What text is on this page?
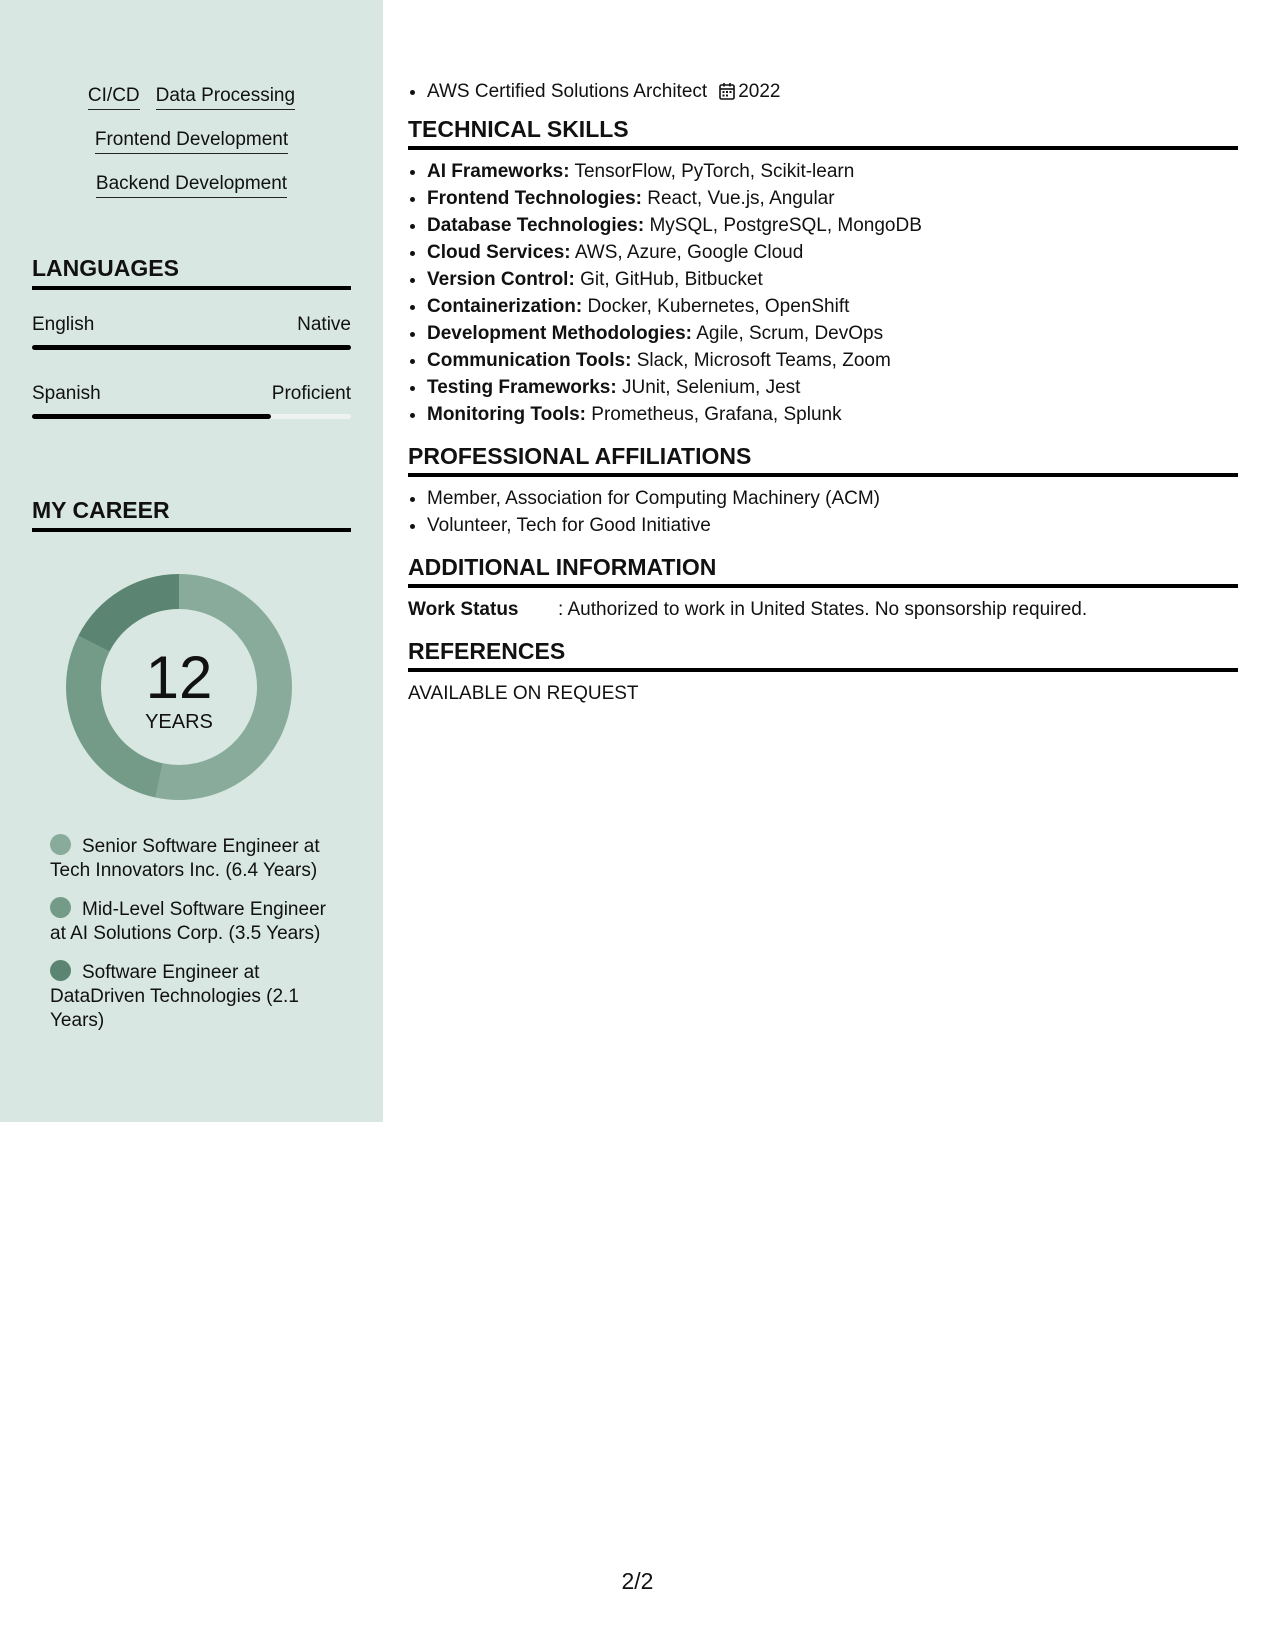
CI/CD Data Processing
Frontend Development
Backend Development
LANGUAGES
English	Native
Spanish	Proficient
MY CAREER
12
YEARS
Senior Software Engineer at Tech Innovators Inc. (6.4 Years)
Mid-Level Software Engineer at AI Solutions Corp. (3.5 Years)
Software Engineer at DataDriven Technologies (2.1 Years)
• AWS Certified Solutions Architect 2022
TECHNICAL SKILLS
• AI Frameworks: TensorFlow, PyTorch, Scikit-learn
• Frontend Technologies: React, Vue.js, Angular
• Database Technologies: MySQL, PostgreSQL, MongoDB
• Cloud Services: AWS, Azure, Google Cloud
• Version Control: Git, GitHub, Bitbucket
• Containerization: Docker, Kubernetes, OpenShift
• Development Methodologies: Agile, Scrum, DevOps
• Communication Tools: Slack, Microsoft Teams, Zoom
• Testing Frameworks: JUnit, Selenium, Jest
• Monitoring Tools: Prometheus, Grafana, Splunk
PROFESSIONAL AFFILIATIONS
• Member, Association for Computing Machinery (ACM)
• Volunteer, Tech for Good Initiative
ADDITIONAL INFORMATION
Work Status	: Authorized to work in United States. No sponsorship required.
REFERENCES
AVAILABLE ON REQUEST
2/2
